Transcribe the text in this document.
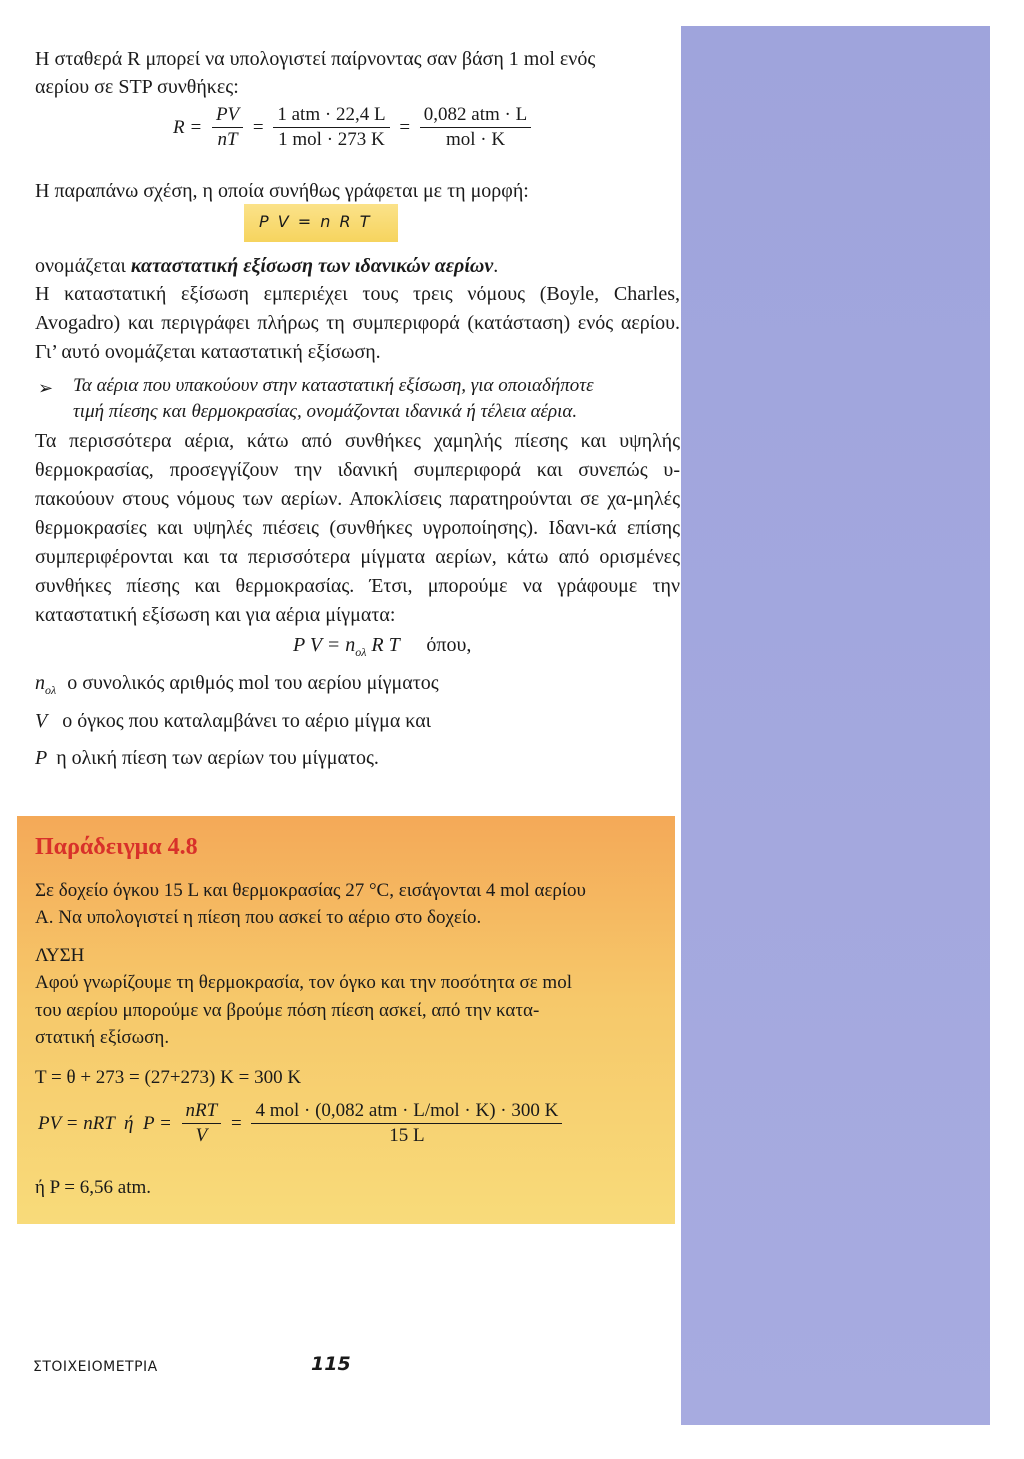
Η σταθερά R μπορεί να υπολογιστεί παίρνοντας σαν βάση 1 mol ενός
αερίου σε STP συνθήκες:
$R = \frac{PV}{nT} = \frac{\text{1 atm · 22,4 L}}{\text{1 mol · 273 K}} = \frac{\text{0,082 atm · L}}{\text{mol · K}}$
Η παραπάνω σχέση, η οποία συνήθως γράφεται με τη μορφή:
P V = n R T
ονομάζεται καταστατική εξίσωση των ιδανικών αερίων.

Η καταστατική εξίσωση εμπεριέχει τους τρεις νόμους (Boyle, Charles, Avogadro) και περιγράφει πλήρως τη συμπεριφορά (κατάσταση) ενός αερίου. Γι’ αυτό ονομάζεται καταστατική εξίσωση.

➢ Τα αέρια που υπακούουν στην καταστατική εξίσωση, για οποιαδήποτε
τιμή πίεσης και θερμοκρασίας, ονομάζονται ιδανικά ή τέλεια αέρια.

Τα περισσότερα αέρια, κάτω από συνθήκες χαμηλής πίεσης και υψηλής θερμοκρασίας, προσεγγίζουν την ιδανική συμπεριφορά και συνεπώς υ-πακούουν στους νόμους των αερίων. Αποκλίσεις παρατηρούνται σε χα-μηλές θερμοκρασίες και υψηλές πιέσεις (συνθήκες υγροποίησης). Ιδανι-κά επίσης συμπεριφέρονται και τα περισσότερα μίγματα αερίων, κάτω από ορισμένες συνθήκες πίεσης και θερμοκρασίας. Έτσι, μπορούμε να γράφουμε την καταστατική εξίσωση και για αέρια μίγματα:

P $V = n_{o\lambda}$ R T όπου,
$n_{o\lambda}$ ο συνολικός αριθμός mol του αερίου μίγματος
V ο όγκος που καταλαμβάνει το αέριο μίγμα και
P η ολική πίεση των αερίων του μίγματος.
Παράδειγμα 4.8
Σε δοχείο όγκου 15 L και θερμοκρασίας 27 °C, εισάγονται 4 mol αερίου
Α. Να υπολογιστεί η πίεση που ασκεί το αέριο στο δοχείο.
ΛΥΣΗ
Αφού γνωρίζουμε τη θερμοκρασία, τον όγκο και την ποσότητα σε mol
του αερίου μπορούμε να βρούμε πόση πίεση ασκεί, από την κατα-
στατική εξίσωση.
T = θ + 273 = (27+273) K = 300 K
PV = nRT  ή  $P = \frac{\text{nRT}}{V} = \frac{\text{4 mol · (0,082 atm · L/mol · K) · 300 K}}{15 L}$
ή P = 6,56 atm.
ΣΤΟΙΧΕΙΟΜΕΤΡΙΑ	115
